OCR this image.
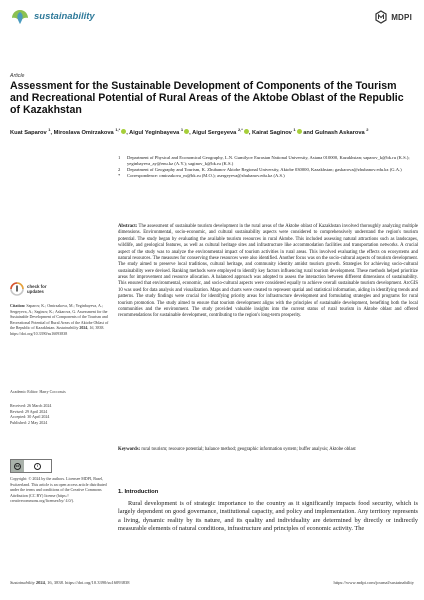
sustainability	MDPI
Article
Assessment for the Sustainable Development of Components of the Tourism and Recreational Potential of Rural Areas of the Aktobe Oblast of the Republic of Kazakhstan
Kuat Saparov $^1$, Miroslava Omirzakova $^{1,*}$, Aigul Yeginbayeva $^1$, Aigul Sergeyeva $^{2,*}$, Kairat Saginov $^1$ and Gulnash Askarova $^2$
1	Department of Physical and Economical Geography, L.N. Gumilyov Eurasian National University, Astana 010000, Kazakhstan; saparov_k@bk.ru (K.S.); yeginbayeva_ay@enu.kz (A.Y.); saginov_k@bk.ru (K.S.)
2	Department of Geography and Tourism, K. Zhubanov Aktobe Regional University, Aktobe 030000, Kazakhstan; gaskarova@zhubanov.edu.kz (G.A.)
*	Correspondence: omirzakova_m@bk.ru (M.O.); asergeyeva@zhubanov.edu.kz (A.S.)
Abstract: The assessment of sustainable tourism development in the rural areas of the Aktobe oblast of Kazakhstan involved thoroughly analyzing multiple dimensions. Environmental, socio-economic, and cultural sustainability aspects were considered to comprehensively understand the region's tourism potential. The study began by evaluating the available tourism resources in rural Aktobe. This included assessing natural attractions such as landscapes, wildlife, and geological features, as well as cultural heritage sites and infrastructure like accommodation facilities and transportation networks. A crucial aspect of the study was to analyze the environmental impact of tourism activities in rural areas. This involved evaluating the effects on ecosystems and natural resources. The measures for conserving these resources were also identified. Another focus was on the socio-cultural aspects of tourism development. The study aimed to preserve local traditions, cultural heritage, and community identity amidst tourism growth. Strategies for achieving socio-cultural sustainability were devised. Ranking methods were employed to identify key factors influencing rural tourism development. These methods helped prioritize areas for improvement and resource allocation. A balanced approach was adopted to assess the interaction between different dimensions of sustainability. This ensured that environmental, economic, and socio-cultural aspects were considered equally to achieve overall sustainable tourism development. ArcGIS 10 was used for data analysis and visualization. Maps and charts were created to represent spatial and statistical information, aiding in identifying trends and patterns. The study findings were crucial for identifying priority areas for infrastructure development and formulating strategies and programs for rural tourism promotion. The study aimed to ensure that tourism development aligns with the principles of sustainable development, benefiting both the local communities and the environment. The study provided valuable insights into the current status of rural tourism in Aktobe oblast and offered recommendations for sustainable development, contributing to the region's long-term prosperity.
Keywords: rural tourism; resource potential; balance method; geographic information system; buffer analysis; Aktobe oblast
1. Introduction
Rural development is of strategic importance to the country as it significantly impacts food security, which is largely dependent on good governance, institutional capacity, and policy and implementation. Any territory represents a living, dynamic reality by its nature, and its quality and individuality are determined by directly or indirectly measurable elements of natural conditions, infrastructure and principles of economic activity. The
check for
updates
Citation: Saparov, K.; Omirzakova, M.; Yeginbayeva, A.; Sergeyeva, A.; Saginov, K.; Askarova, G. Assessment for the Sustainable Development of Components of the Tourism and Recreational Potential of Rural Areas of the Aktobe Oblast of the Republic of Kazakhstan. Sustainability 2024, 16, 3838. https://doi.org/10.3390/su16093838
Academic Editor: Harry Coccossis
Received: 26 March 2024
Revised: 29 April 2024
Accepted: 30 April 2024
Published: 2 May 2024
cc	i
Copyright: © 2024 by the authors. Licensee MDPI, Basel, Switzerland. This article is an open access article distributed under the terms and conditions of the Creative Commons Attribution (CC BY) license (https:// creativecommons.org/licenses/by/ 4.0/).
Sustainability 2024, 16, 3838. https://doi.org/10.3390/su16093838	https://www.mdpi.com/journal/sustainability
